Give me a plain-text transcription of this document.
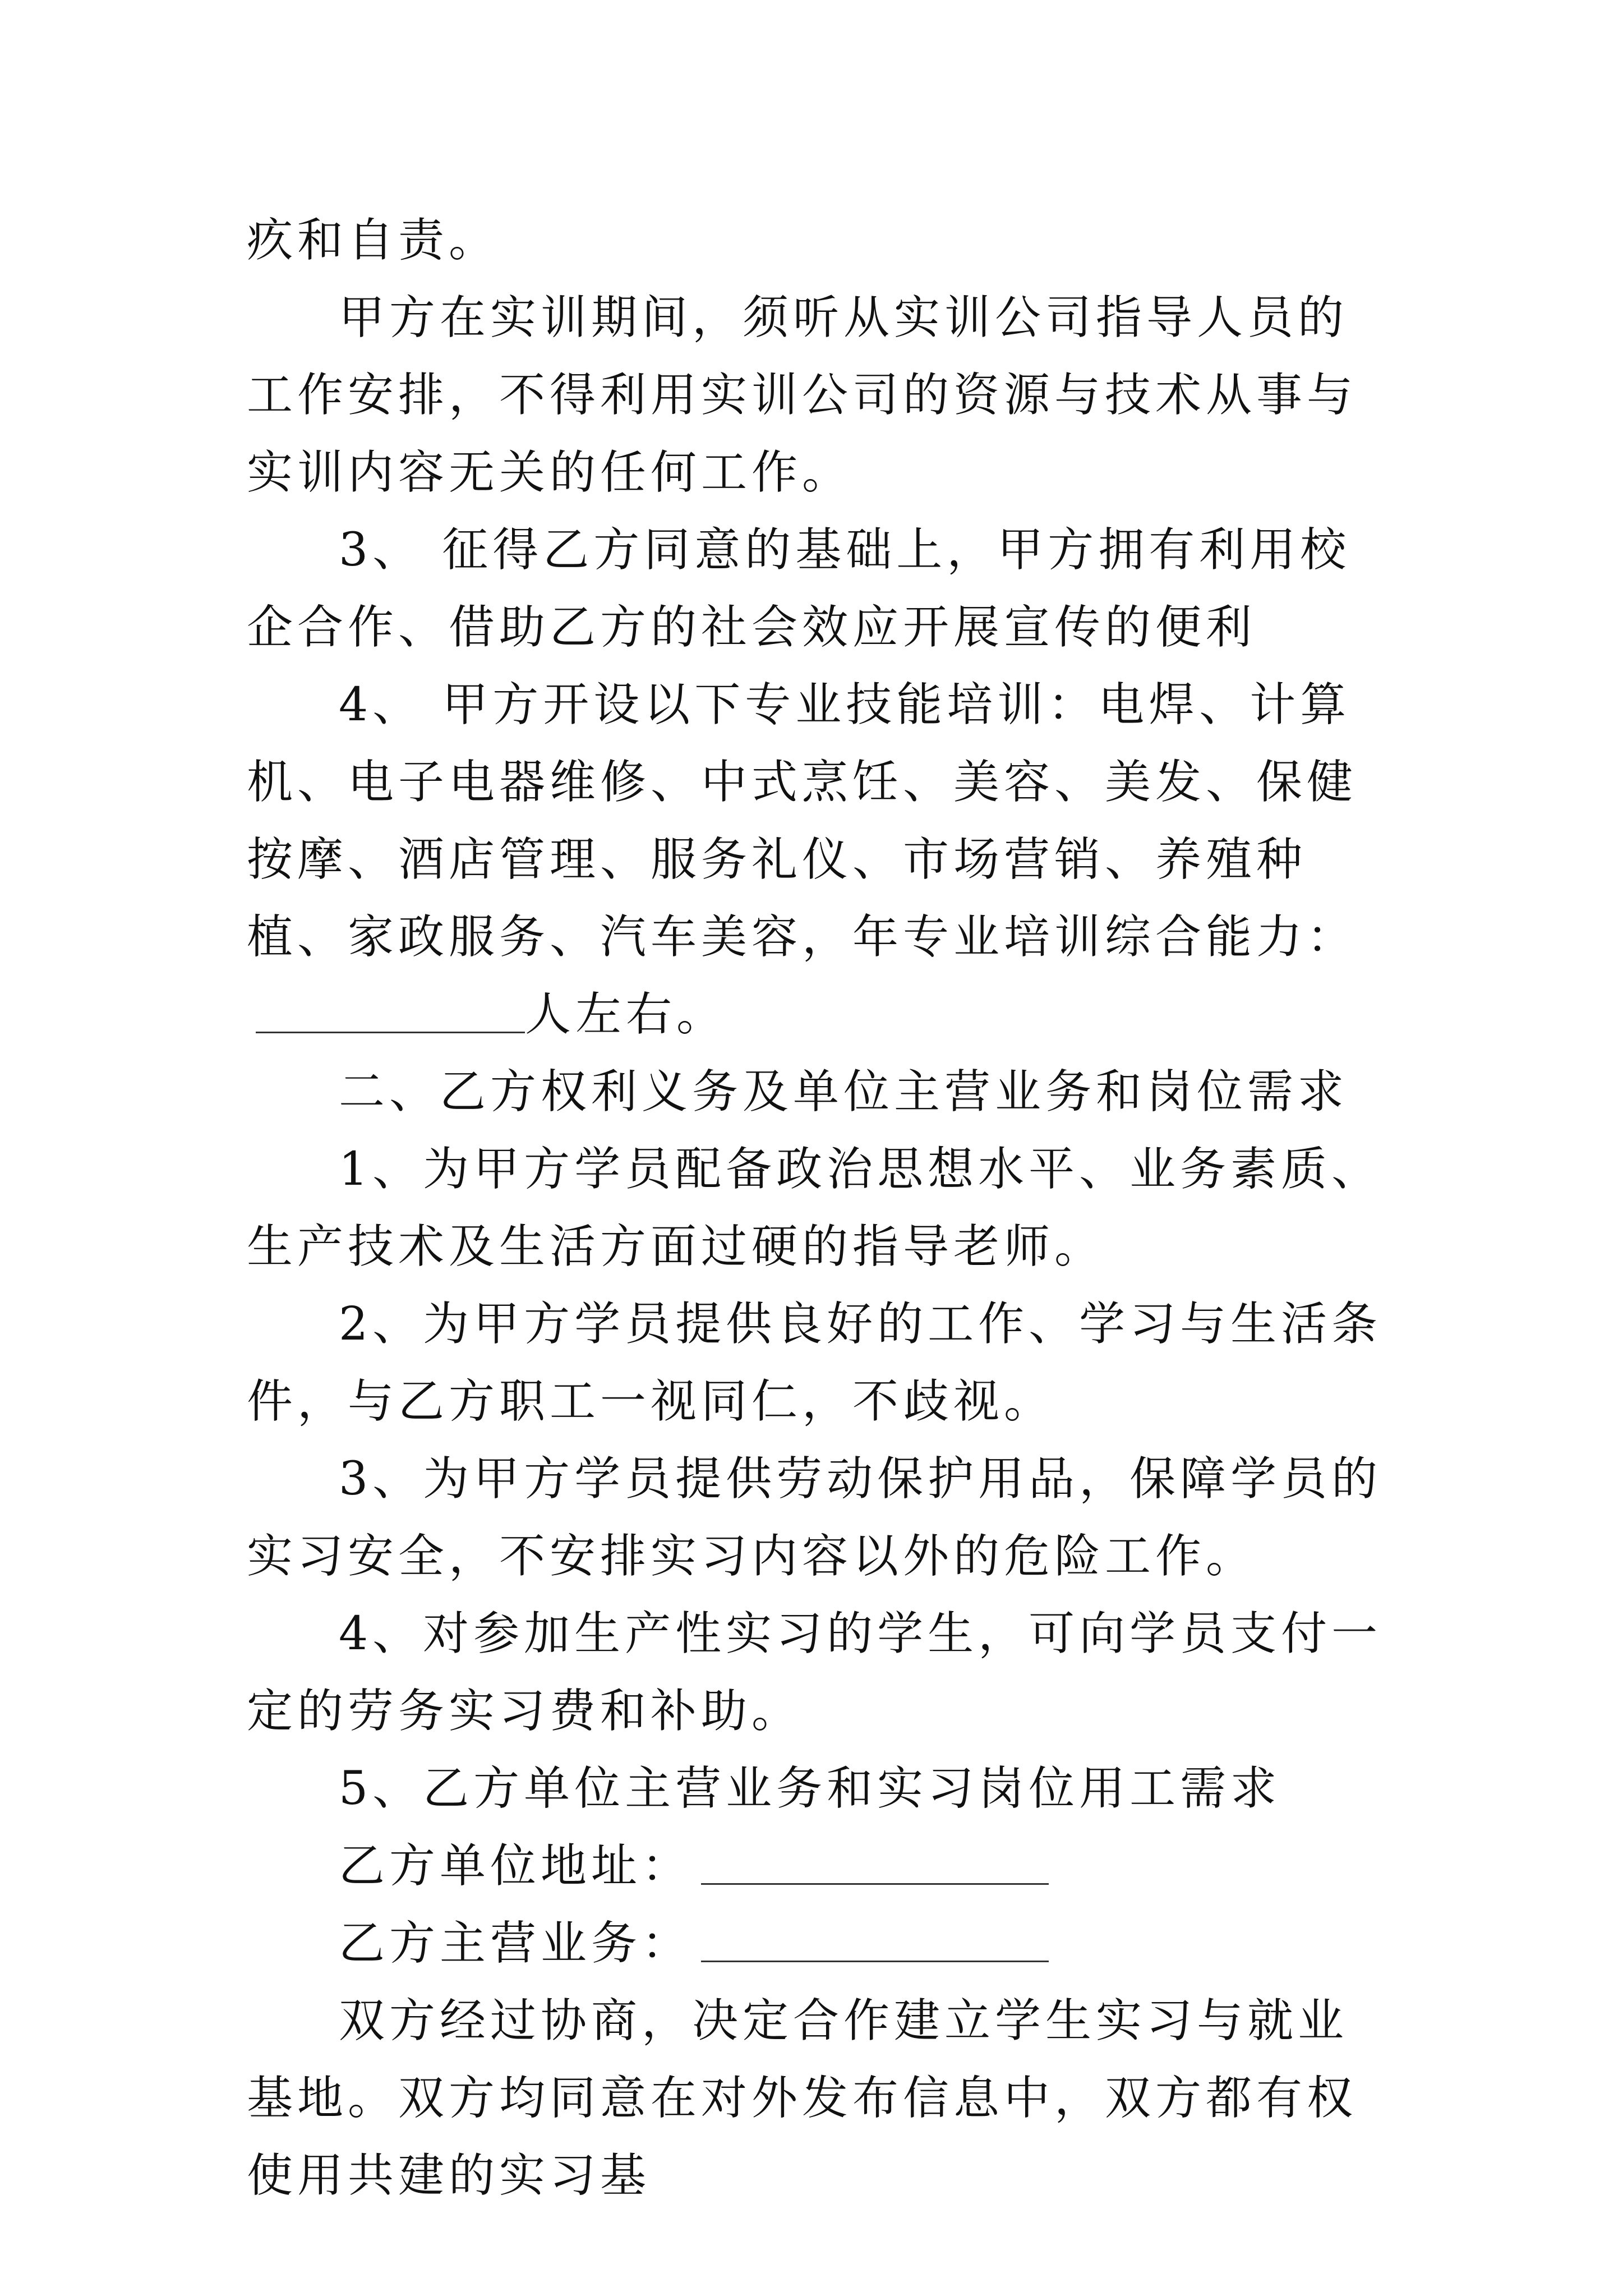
疚和自责。

甲方在实训期间，须听从实训公司指导人员的工作安排，不得利用实训公司的资源与技术从事与实训内容无关的任何工作。

3、 征得乙方同意的基础上，甲方拥有利用校企合作、借助乙方的社会效应开展宣传的便利

4、 甲方开设以下专业技能培训：电焊、计算机、电子电器维修、中式烹饪、美容、美发、保健按摩、酒店管理、服务礼仪、市场营销、养殖种植、家政服务、汽车美容，年专业培训综合能力：人左右。

二、乙方权利义务及单位主营业务和岗位需求

1、为甲方学员配备政治思想水平、业务素质、生产技术及生活方面过硬的指导老师。

2、为甲方学员提供良好的工作、学习与生活条件，与乙方职工一视同仁，不歧视。

3、为甲方学员提供劳动保护用品，保障学员的实习安全，不安排实习内容以外的危险工作。

4、对参加生产性实习的学生，可向学员支付一定的劳务实习费和补助。

5、乙方单位主营业务和实习岗位用工需求

乙方单位地址：

乙方主营业务：

双方经过协商，决定合作建立学生实习与就业基地。双方均同意在对外发布信息中，双方都有权使用共建的实习基
